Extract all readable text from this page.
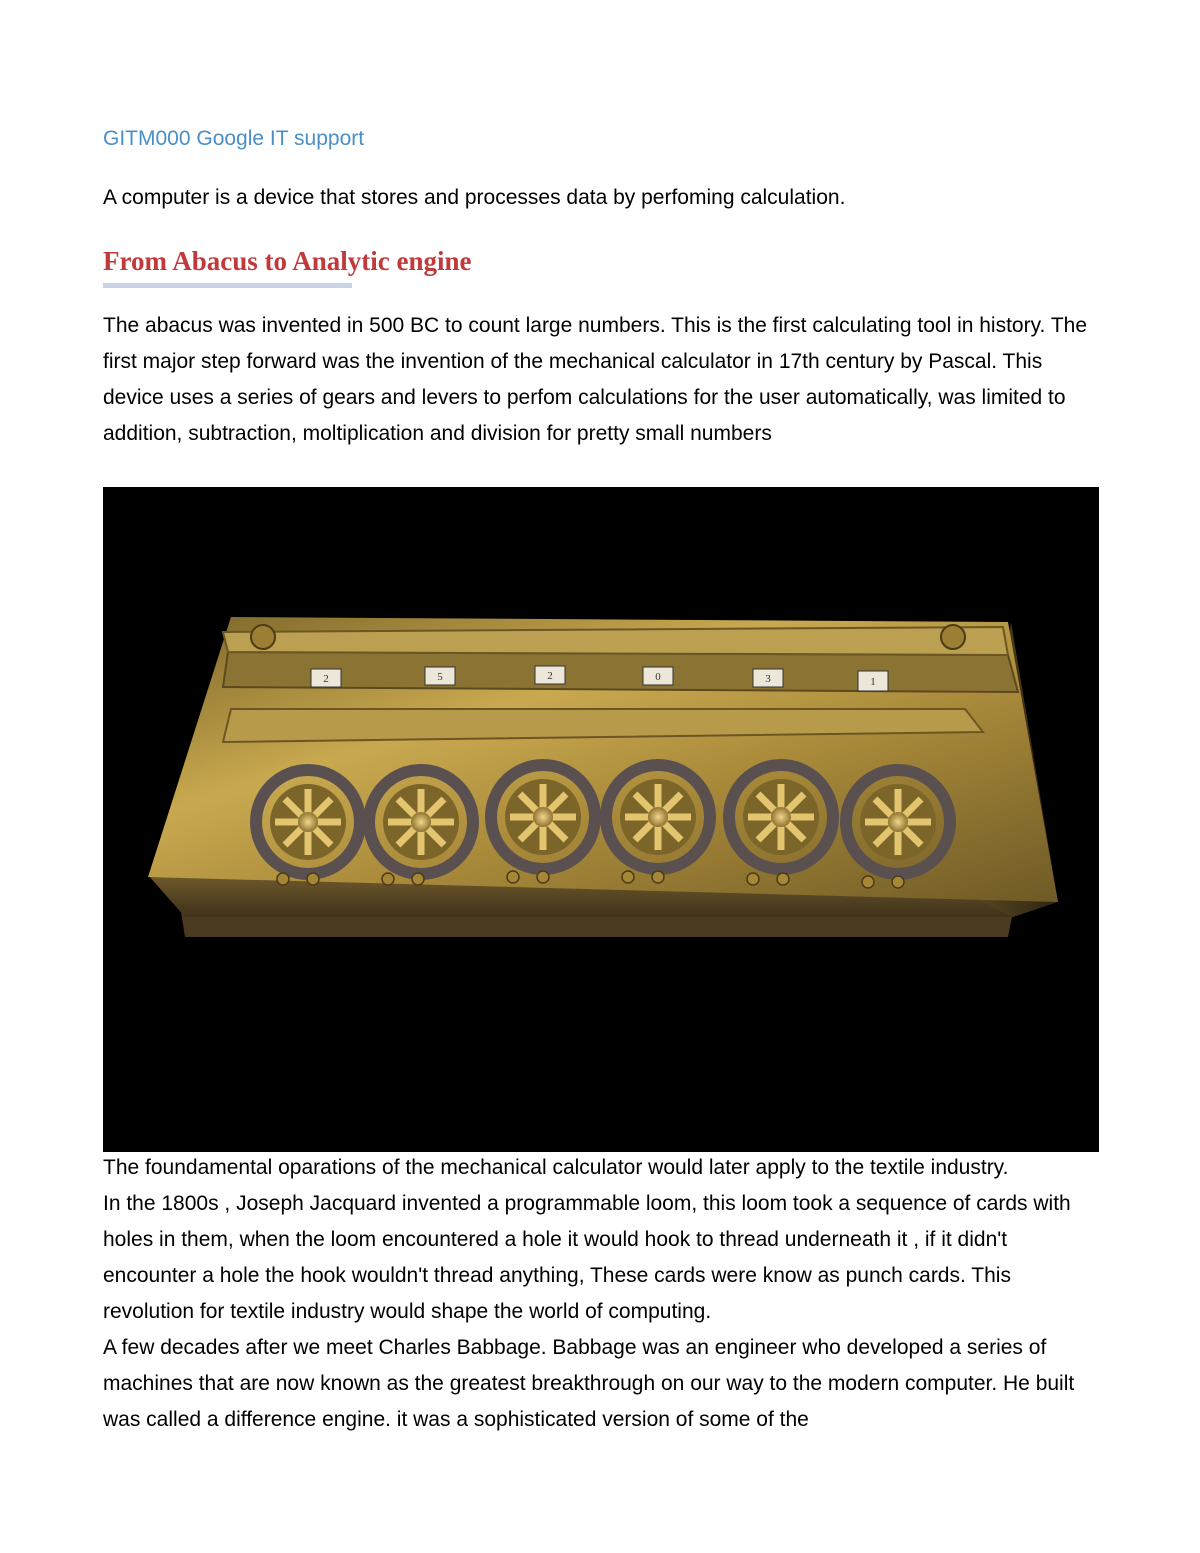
GITM000 Google IT support
A computer is a device that stores and processes data by perfoming calculation.
From Abacus to Analytic engine

The abacus was invented in 500 BC to count large numbers. This is the first calculating tool in history. The first major step forward was the invention of the mechanical calculator in 17th century by Pascal. This device uses a series of gears and levers to perfom calculations for the user automatically, was limited to addition, subtraction, moltiplication and division for pretty small numbers

2	5	2	0	3	1

The foundamental oparations of the mechanical calculator would later apply to the textile industry.

In the 1800s , Joseph Jacquard invented a programmable loom, this loom took a sequence of cards with holes in them, when the loom encountered a hole it would hook to thread underneath it , if it didn't encounter a hole the hook wouldn't thread anything, These cards were know as punch cards. This revolution for textile industry would shape the world of computing.

A few decades after we meet Charles Babbage. Babbage was an engineer who developed a series of machines that are now known as the greatest breakthrough on our way to the modern computer. He built was called a difference engine. it was a sophisticated version of some of the
